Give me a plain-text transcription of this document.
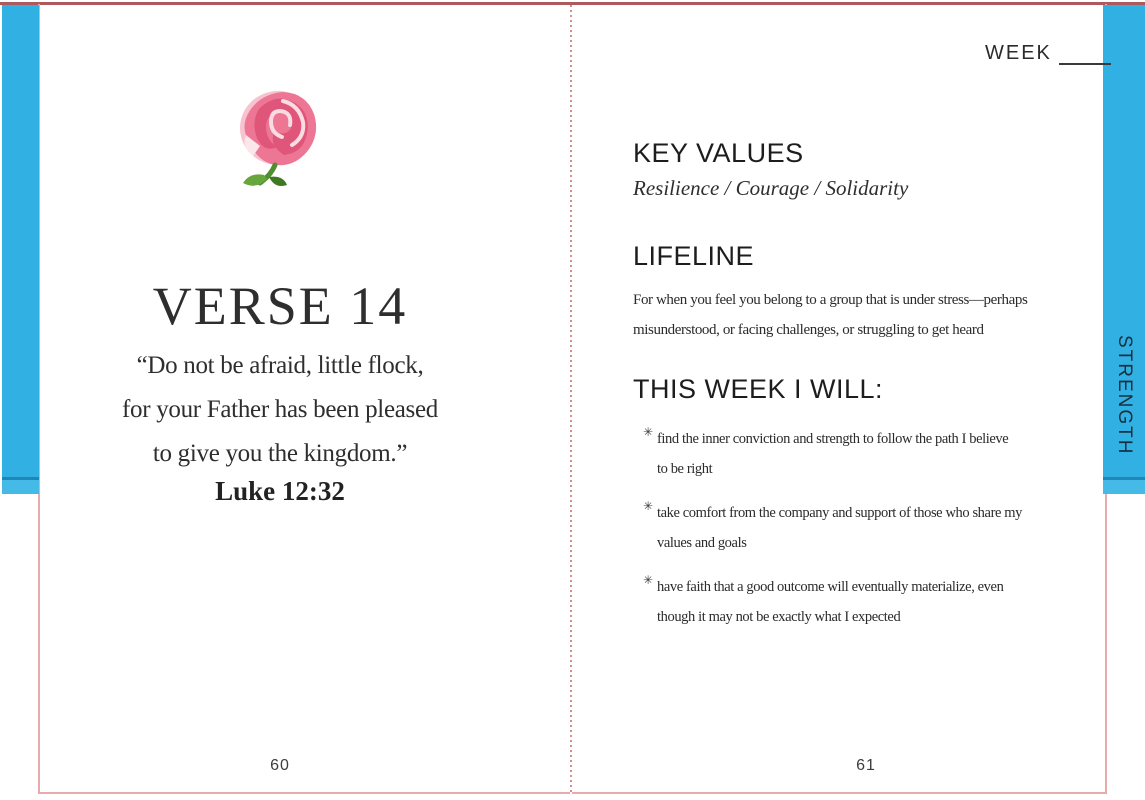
STRENGTH
VERSE 14
“Do not be afraid, little flock,
for your Father has been pleased
to give you the kingdom.”
Luke 12:32
60
WEEK
KEY VALUES
Resilience / Courage / Solidarity
LIFELINE
For when you feel you belong to a group that is under stress—perhaps
misunderstood, or facing challenges, or struggling to get heard
THIS WEEK I WILL:
✳ find the inner conviction and strength to follow the path I believe
to be right
✳ take comfort from the company and support of those who share my
values and goals
✳ have faith that a good outcome will eventually materialize, even
though it may not be exactly what I expected
61
